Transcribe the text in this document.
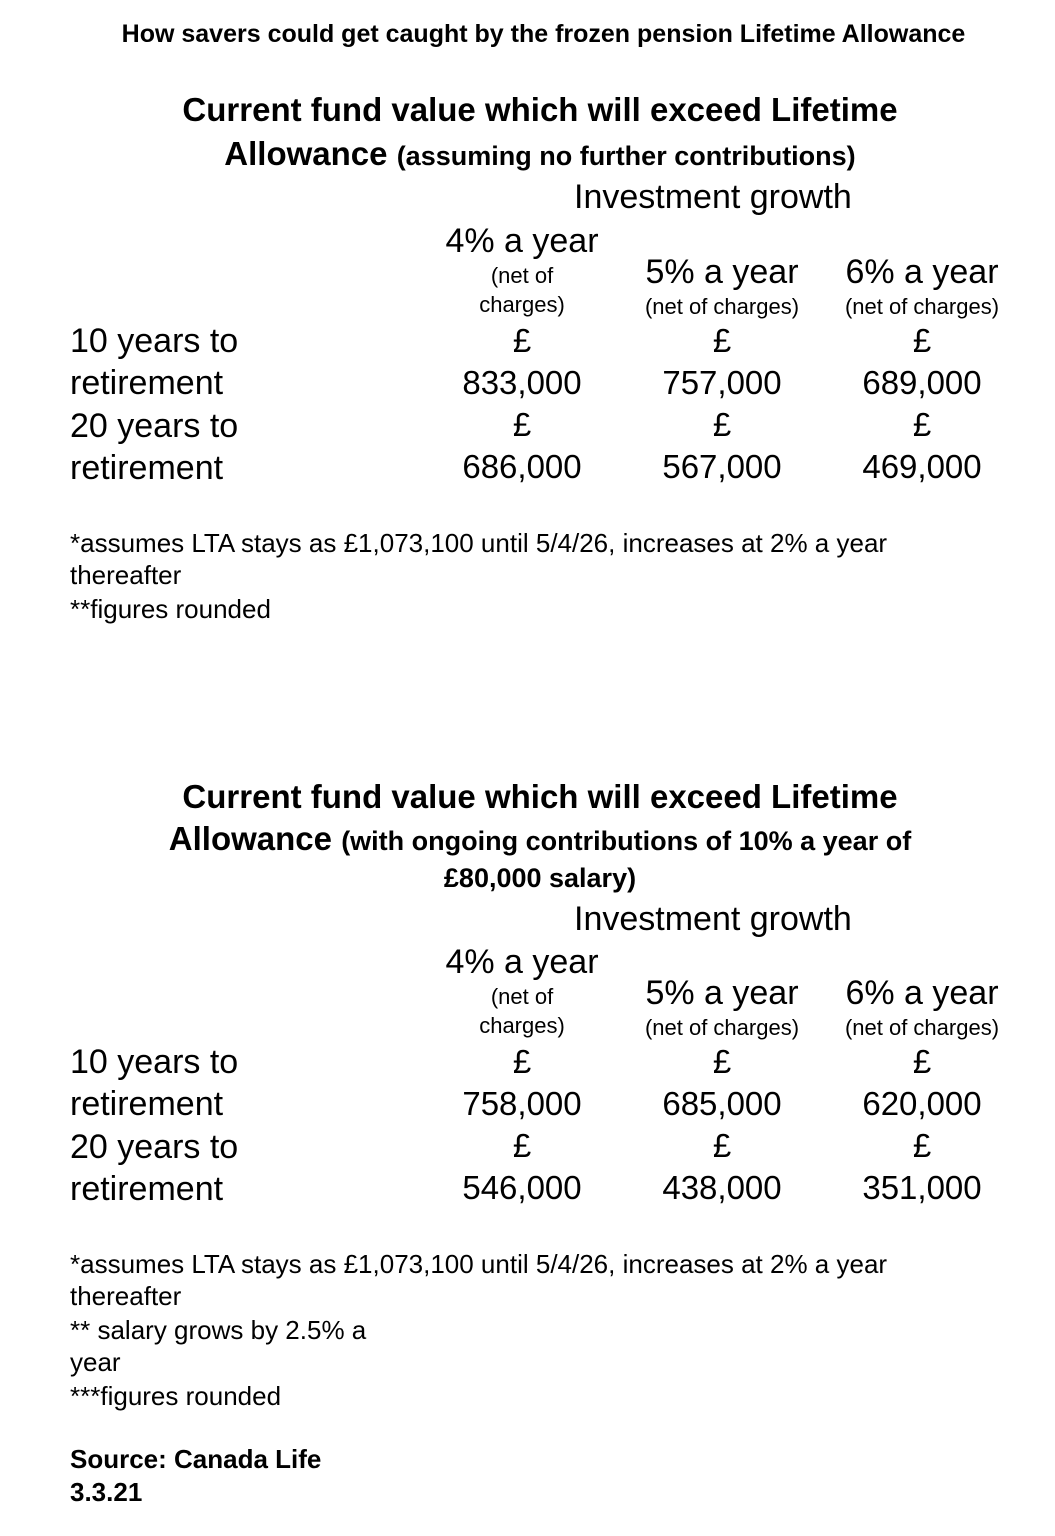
How savers could get caught by the frozen pension Lifetime Allowance
Current fund value which will exceed Lifetime
Allowance (assuming no further contributions)
Investment growth
4% a year
(net of
charges)
5% a year
(net of charges)
6% a year
(net of charges)
10 years to
retirement
20 years to
retirement
£
833,000
£
686,000
£
757,000
£
567,000
£
689,000
£
469,000
*assumes LTA stays as £1,073,100 until 5/4/26, increases at 2% a year
thereafter
**figures rounded
Current fund value which will exceed Lifetime
Allowance (with ongoing contributions of 10% a year of
£80,000 salary)
Investment growth
4% a year
(net of
charges)
5% a year
(net of charges)
6% a year
(net of charges)
10 years to
retirement
20 years to
retirement
£
758,000
£
546,000
£
685,000
£
438,000
£
620,000
£
351,000
*assumes LTA stays as £1,073,100 until 5/4/26, increases at 2% a year
thereafter
** salary grows by 2.5% a
year
***figures rounded
Source: Canada Life
3.3.21
